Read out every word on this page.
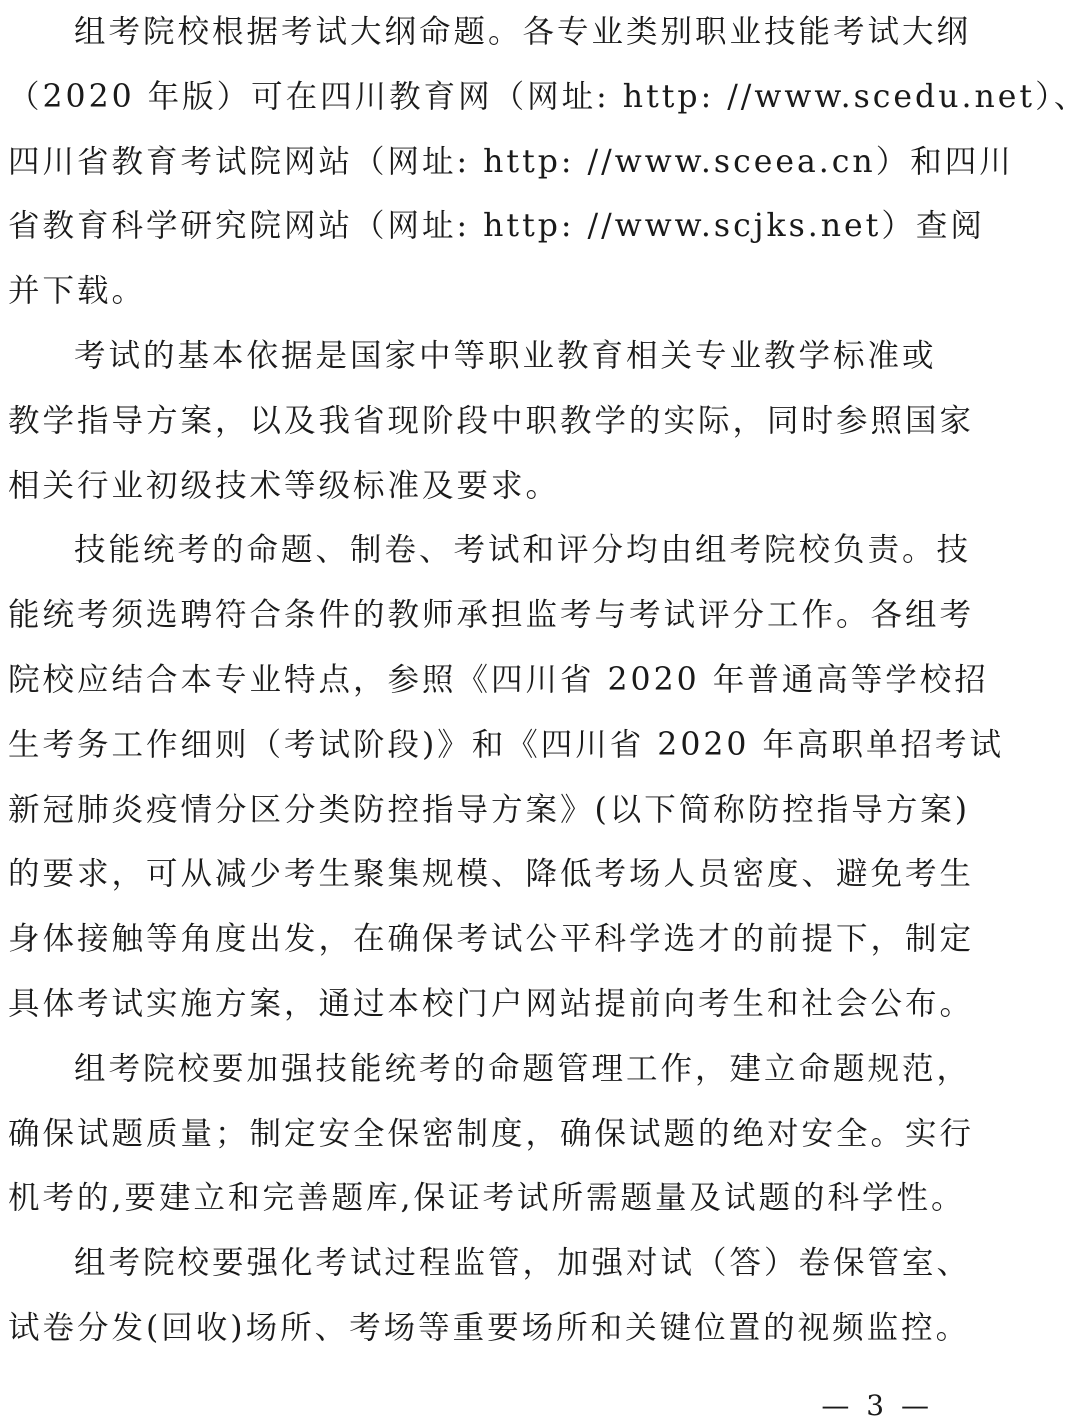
组考院校根据考试大纲命题。各专业类别职业技能考试大纲
（2020 年版）可在四川教育网（网址: http: //www.scedu.net）、
四川省教育考试院网站（网址: http: //www.sceea.cn）和四川
省教育科学研究院网站（网址: http: //www.scjks.net）查阅
并下载。
考试的基本依据是国家中等职业教育相关专业教学标准或
教学指导方案，以及我省现阶段中职教学的实际，同时参照国家
相关行业初级技术等级标准及要求。
技能统考的命题、制卷、考试和评分均由组考院校负责。技
能统考须选聘符合条件的教师承担监考与考试评分工作。各组考
院校应结合本专业特点，参照《四川省 2020 年普通高等学校招
生考务工作细则（考试阶段)》和《四川省 2020 年高职单招考试
新冠肺炎疫情分区分类防控指导方案》(以下简称防控指导方案)
的要求，可从减少考生聚集规模、降低考场人员密度、避免考生
身体接触等角度出发，在确保考试公平科学选才的前提下，制定
具体考试实施方案，通过本校门户网站提前向考生和社会公布。
组考院校要加强技能统考的命题管理工作，建立命题规范，
确保试题质量；制定安全保密制度，确保试题的绝对安全。实行
机考的,要建立和完善题库,保证考试所需题量及试题的科学性。
组考院校要强化考试过程监管，加强对试（答）卷保管室、
试卷分发(回收)场所、考场等重要场所和关键位置的视频监控。
— 3 —
